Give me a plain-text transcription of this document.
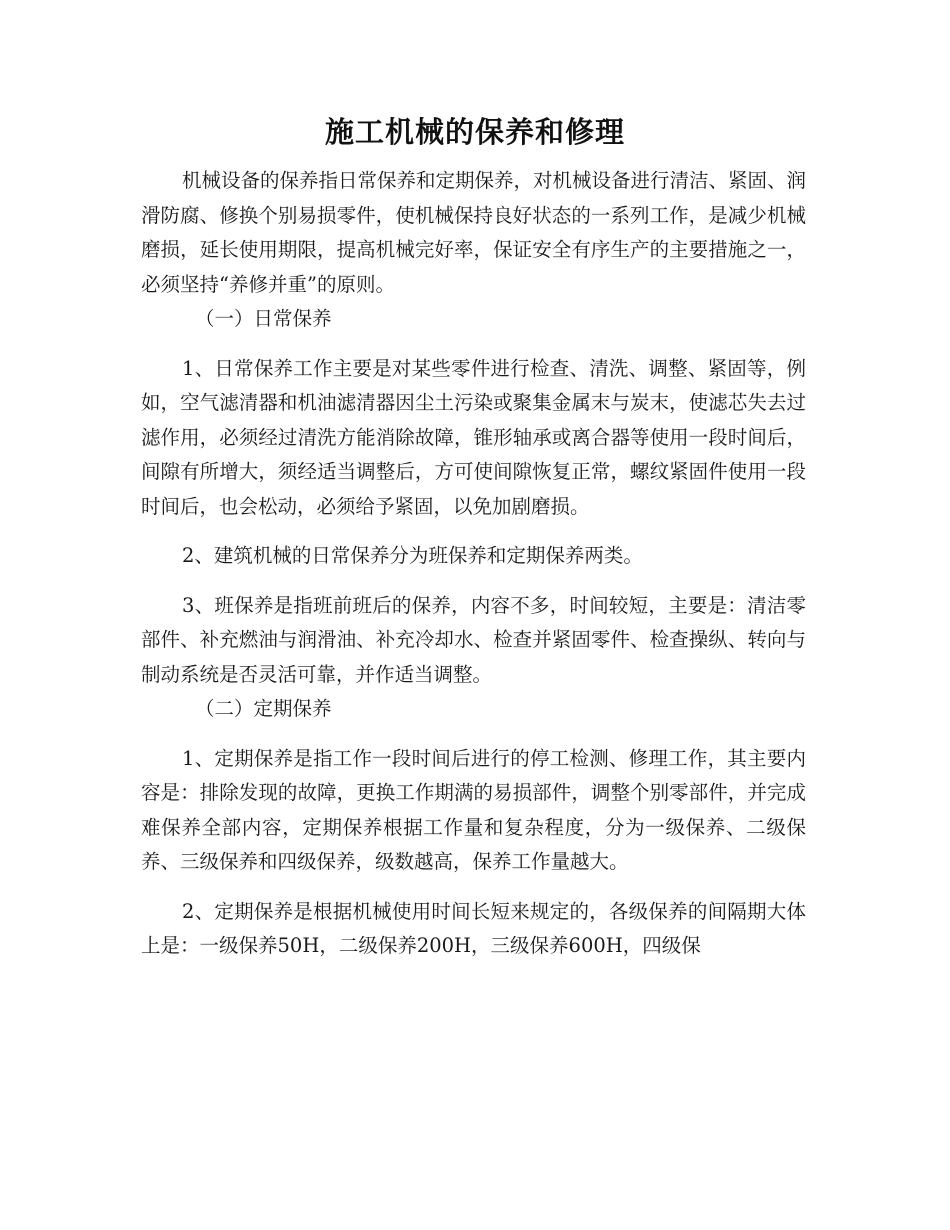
施工机械的保养和修理

机械设备的保养指日常保养和定期保养，对机械设备进行清洁、紧固、润滑防腐、修换个别易损零件，使机械保持良好状态的一系列工作，是减少机械磨损，延长使用期限，提高机械完好率，保证安全有序生产的主要措施之一，必须坚持“养修并重”的原则。

（一）日常保养

1、日常保养工作主要是对某些零件进行检查、清洗、调整、紧固等，例如，空气滤清器和机油滤清器因尘土污染或聚集金属末与炭末，使滤芯失去过滤作用，必须经过清洗方能消除故障，锥形轴承或离合器等使用一段时间后，间隙有所增大，须经适当调整后，方可使间隙恢复正常，螺纹紧固件使用一段时间后，也会松动，必须给予紧固，以免加剧磨损。

2、建筑机械的日常保养分为班保养和定期保养两类。

3、班保养是指班前班后的保养，内容不多，时间较短，主要是：清洁零部件、补充燃油与润滑油、补充冷却水、检查并紧固零件、检查操纵、转向与制动系统是否灵活可靠，并作适当调整。

（二）定期保养

1、定期保养是指工作一段时间后进行的停工检测、修理工作，其主要内容是：排除发现的故障，更换工作期满的易损部件，调整个别零部件，并完成难保养全部内容，定期保养根据工作量和复杂程度，分为一级保养、二级保养、三级保养和四级保养，级数越高，保养工作量越大。

2、定期保养是根据机械使用时间长短来规定的，各级保养的间隔期大体上是：一级保养50H，二级保养200H，三级保养600H，四级保
